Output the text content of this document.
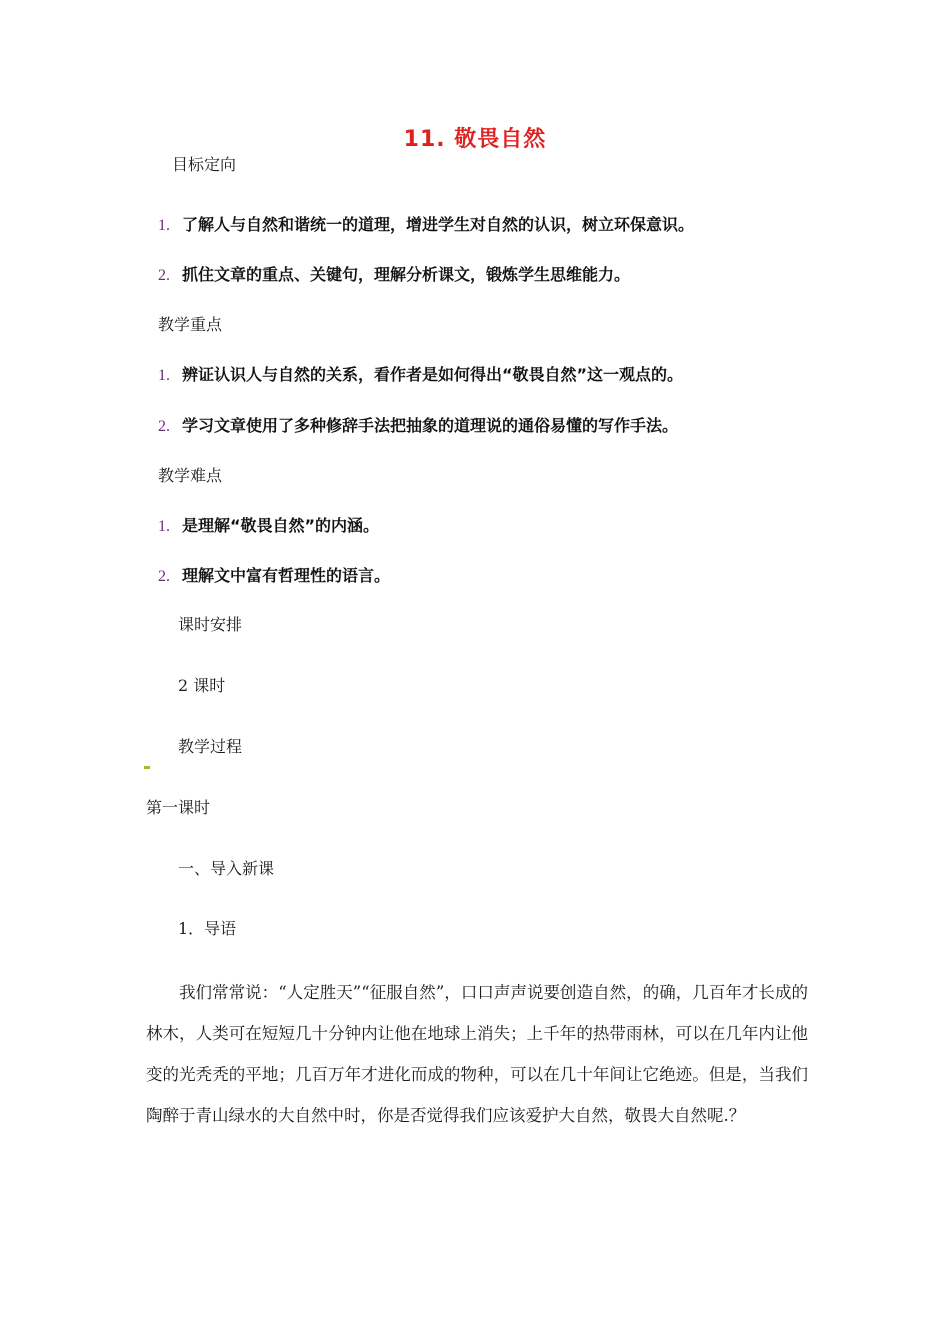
11. 敬畏自然
目标定向
1. 了解人与自然和谐统一的道理，增进学生对自然的认识，树立环保意识。
2. 抓住文章的重点、关键句，理解分析课文，锻炼学生思维能力。
教学重点
1. 辨证认识人与自然的关系，看作者是如何得出“敬畏自然”这一观点的。
2. 学习文章使用了多种修辞手法把抽象的道理说的通俗易懂的写作手法。
教学难点
1. 是理解“敬畏自然”的内涵。
2. 理解文中富有哲理性的语言。
课时安排
2 课时
教学过程
第一课时
一、导入新课
1．导语
我们常常说：“人定胜天”“征服自然”，口口声声说要创造自然，的确，几百年才长成的林木，人类可在短短几十分钟内让他在地球上消失；上千年的热带雨林，可以在几年内让他变的光秃秃的平地；几百万年才进化而成的物种，可以在几十年间让它绝迹。但是，当我们陶醉于青山绿水的大自然中时，你是否觉得我们应该爱护大自然，敬畏大自然呢.？
